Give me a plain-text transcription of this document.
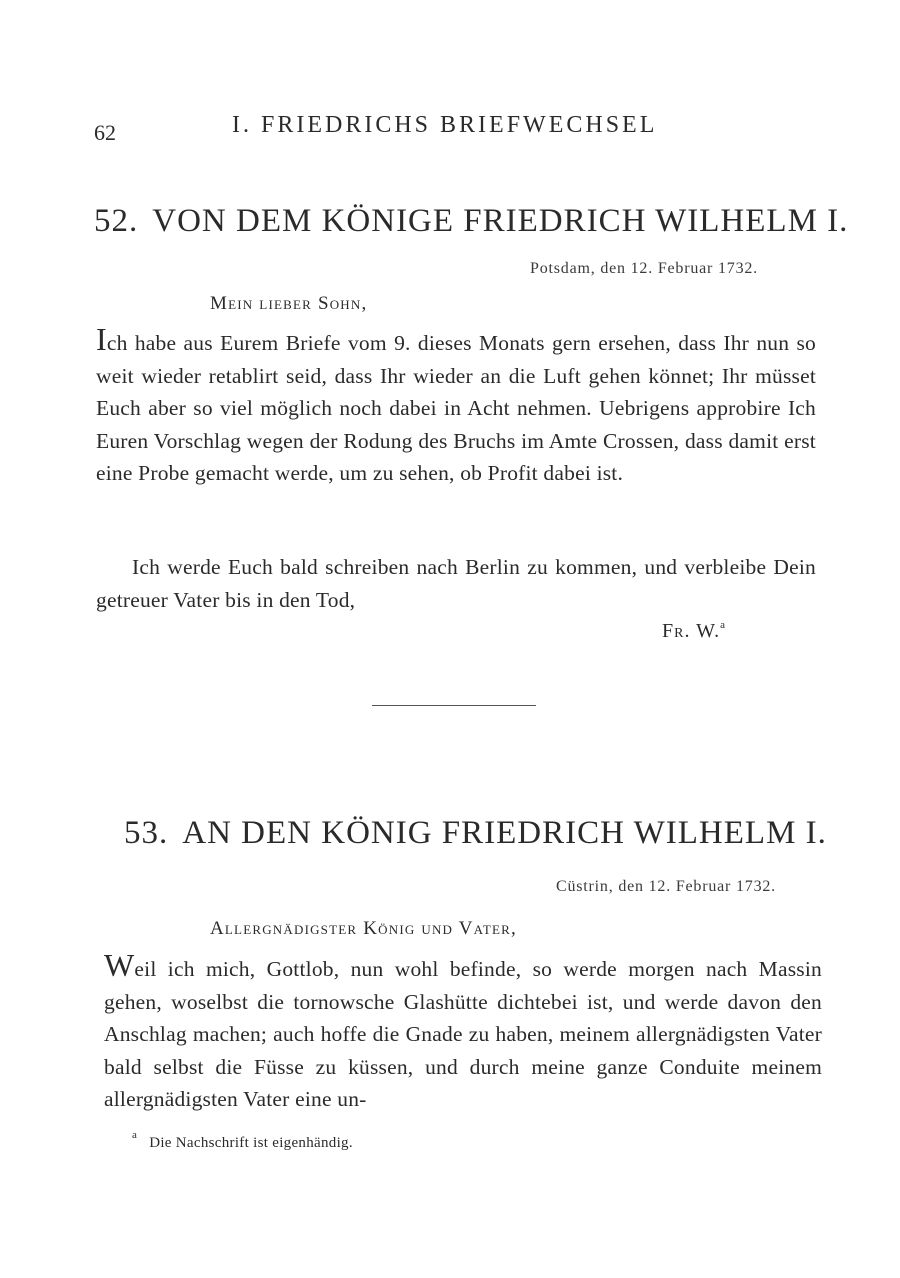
62	I. FRIEDRICHS BRIEFWECHSEL
52. VON DEM KÖNIGE FRIEDRICH WILHELM I.
Potsdam, den 12. Februar 1732.
Mein lieber Sohn,
Ich habe aus Eurem Briefe vom 9. dieses Monats gern ersehen, dass Ihr nun so weit wieder retablirt seid, dass Ihr wieder an die Luft gehen könnet; Ihr müsset Euch aber so viel möglich noch dabei in Acht nehmen. Uebrigens approbire Ich Euren Vorschlag wegen der Rodung des Bruchs im Amte Crossen, dass damit erst eine Probe gemacht werde, um zu sehen, ob Profit dabei ist.
Ich werde Euch bald schreiben nach Berlin zu kommen, und verbleibe Dein getreuer Vater bis in den Tod,
Fr. W.$^a$
53. AN DEN KÖNIG FRIEDRICH WILHELM I.
Cüstrin, den 12. Februar 1732.
Allergnädigster König und Vater,
Weil ich mich, Gottlob, nun wohl befinde, so werde morgen nach Massin gehen, woselbst die tornowsche Glashütte dichtebei ist, und werde davon den Anschlag machen; auch hoffe die Gnade zu haben, meinem allergnädigsten Vater bald selbst die Füsse zu küssen, und durch meine ganze Conduite meinem allergnädigsten Vater eine un-
$^a$ Die Nachschrift ist eigenhändig.
